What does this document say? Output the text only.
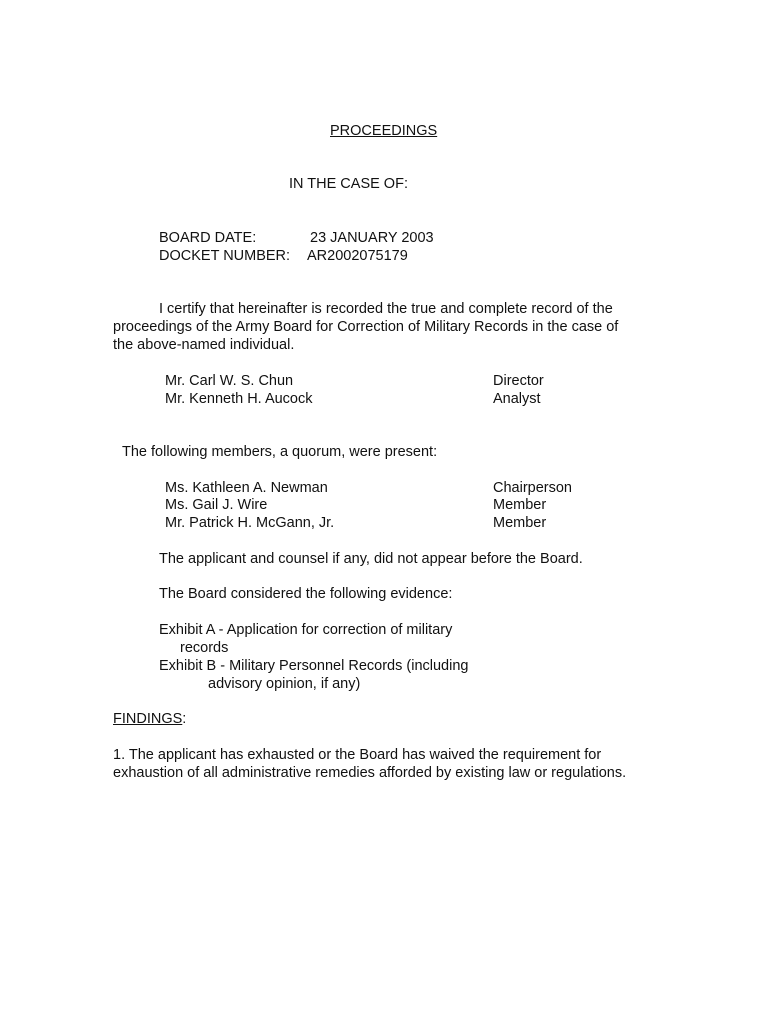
PROCEEDINGS
IN THE CASE OF:
BOARD DATE:	23 JANUARY 2003
DOCKET NUMBER: AR2002075179
I certify that hereinafter is recorded the true and complete record of the
proceedings of the Army Board for Correction of Military Records in the case of
the above-named individual.
Mr. Carl W. S. Chun	Director
Mr. Kenneth H. Aucock	Analyst
The following members, a quorum, were present:
Ms. Kathleen A. Newman	Chairperson
Ms. Gail J. Wire	Member
Mr. Patrick H. McGann, Jr.	Member
The applicant and counsel if any, did not appear before the Board.
The Board considered the following evidence:
Exhibit A - Application for correction of military
records
Exhibit B - Military Personnel Records (including
advisory opinion, if any)
FINDINGS:
1. The applicant has exhausted or the Board has waived the requirement for
exhaustion of all administrative remedies afforded by existing law or regulations.
